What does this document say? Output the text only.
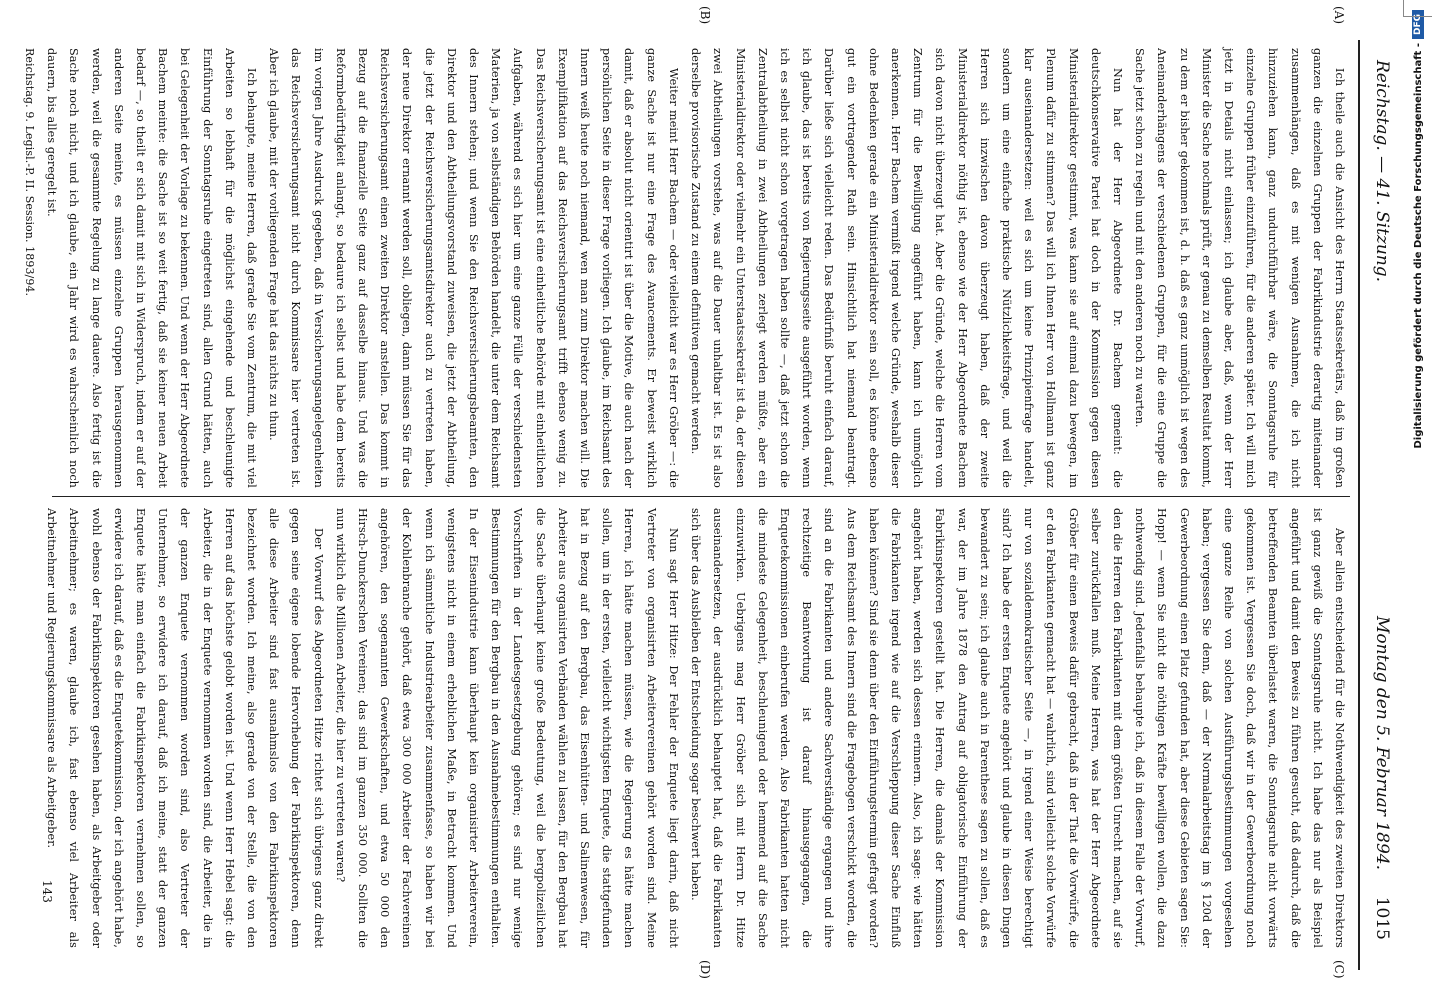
Reichstag. — 41. Sitzung.
Montag den 5. Februar 1894.
1015
(A)
(B)
(C)
(D)

Ich theile auch die Ansicht des Herrn Staatssekretärs, daß im großen ganzen die einzelnen Gruppen der Fabrikindustrie derartig miteinander zusammenhängen, daß es mit wenigen Ausnahmen, die ich nicht hinzuziehen kann, ganz undurchführbar wäre, die Sonntagsruhe für einzelne Gruppen früher einzuführen, für die anderen später. Ich will mich jetzt in Details nicht einlassen; ich glaube aber, daß, wenn der Herr Minister die Sache nochmals prüft, er genau zu demselben Resultat kommt, zu dem er bisher gekommen ist, d. h. daß es ganz unmöglich ist wegen des Aneinanderhängens der verschiedenen Gruppen, für die eine Gruppe die Sache jetzt schon zu regeln und mit den anderen noch zu warten.

Nun hat der Herr Abgeordnete Dr. Bachem gemeint: die deutschkonservative Partei hat doch in der Kommission gegen diesen Ministerialdirektor gestimmt, was kann sie auf einmal dazu bewegen, im Plenum dafür zu stimmen? Das will ich Ihnen Herr von Hollmann ist ganz klar auseinandersetzen: weil es sich um keine Prinzipienfrage handelt, sondern um eine einfache praktische Nützlichkeitsfrage, und weil die Herren sich inzwischen davon überzeugt haben, daß der zweite Ministerialdirektor nöthig ist, ebenso wie der Herr Abgeordnete Bachem sich davon nicht überzeugt hat. Aber die Gründe, welche die Herren vom Zentrum für die Bewilligung angeführt haben, kann ich unmöglich anerkennen. Herr Bachem vermißt irgend welche Gründe, weshalb dieser ohne Bedenken gerade ein Ministerialdirektor sein soll, es könne ebenso gut ein vortragender Rath sein. Hinsichtlich hat niemand beantragt. Darüber ließe sich vielleicht reden. Das Bedürfniß beruht einfach darauf, ich glaube, das ist bereits von Regierungsseite ausgeführt worden, wenn ich es selbst nicht schon vorgetragen haben sollte —, daß jetzt schon die Zentralabtheilung in zwei Abtheilungen zerlegt werden müßte, aber ein Ministerialdirektor oder vielmehr ein Unterstaatssekretär ist da, der diesen zwei Abtheilungen vorstehe, was auf die Dauer unhaltbar ist. Es ist also derselbe provisorische Zustand zu einem definitiven gemacht werden.

Weiter meint Herr Bachem — oder vielleicht war es Herr Gröber —: die ganze Sache ist nur eine Frage des Avancements. Er beweist wirklich damit, daß er absolut nicht orientirt ist über die Motive, die auch nach der persönlichen Seite in dieser Frage vorliegen. Ich glaube, im Reichsamt des Innern weiß heute noch niemand, wen man zum Direktor machen will. Die Exemplifikation auf das Reichsversicherungsamt trifft ebenso wenig zu. Das Reichsversicherungsamt ist eine einheitliche Behörde mit einheitlichen Aufgaben, während es sich hier um eine ganze Fülle der verschiedensten Materien, ja von selbständigen Behörden handelt, die unter dem Reichsamt des Innern stehen; und wenn Sie den Reichsversicherungsbeamten, den Direktor und den Abtheilungsvorstand zuweisen, die jetzt der Abtheilung, die jetzt der Reichsversicherungsamtsdirektor auch zu vertreten haben, der neue Direktor ernannt werden soll, obliegen, dann müssen Sie für das Reichsversicherungsamt einen zweiten Direktor anstellen. Das kommt in Bezug auf die finanzielle Seite ganz auf dasselbe hinaus. Und was die Reformbedürftigkeit anlangt, so bedaure ich selbst und habe dem bereits im vorigen Jahre Ausdruck gegeben, daß in Versicherungsangelegenheiten das Reichsversicherungsamt nicht durch Kommissare hier vertreten ist. Aber ich glaube, mit der vorliegenden Frage hat das nichts zu thun.

Ich behaupte, meine Herren, daß gerade Sie vom Zentrum, die mit viel Arbeiten so lebhaft für die möglichst eingehende und beschleunigte Einführung der Sonntagsruhe eingetreten sind, allen Grund hätten, auch bei Gelegenheit der Vorlage zu bekennen. Und wenn der Herr Abgeordnete Bachem meinte: die Sache ist so weit fertig, daß sie keiner neuen Arbeit bedarf —, so theilt er sich damit mit sich in Widerspruch, indem er auf der anderen Seite meinte, es müssen einzelne Gruppen herausgenommen werden, weil die gesammte Regelung zu lange dauere. Also fertig ist die Sache noch nicht, und ich glaube, ein Jahr wird es wahrscheinlich noch dauern, bis alles geregelt ist.

Reichstag. 9. Legisl.-P. II. Session. 1893/94.

Aber allein entscheidend für die Nothwendigkeit des zweiten Direktors ist ganz gewiß die Sonntagsruhe nicht. Ich habe das nur als Beispiel angeführt und damit den Beweis zu führen gesucht, daß dadurch, daß die betreffenden Beamten überlastet waren, die Sonntagsruhe nicht vorwärts gekommen ist. Vergessen Sie doch, daß wir in der Gewerbeordnung noch eine ganze Reihe von solchen Ausführungsbestimmungen vorgesehen haben; vergessen Sie denn, daß — der Normalarbeitstag im § 120d der Gewerbeordnung einen Platz gefunden hat, aber diese Gebieten sagen Sie: Hopp! — wenn Sie nicht die nöthigen Kräfte bewilligen wollen, die dazu nothwendig sind. Jedenfalls behaupte ich, daß in diesem Falle der Vorwurf, den die Herren den Fabrikanten mit dem größten Unrecht machen, auf sie selber zurückfallen muß. Meine Herren, was hat der Herr Abgeordnete Gröber für einen Beweis dafür gebracht, daß in der That die Vorwürfe, die er den Fabrikanten gemacht hat — wahrlich, sind vielleicht solche Vorwürfe nur von sozialdemokratischer Seite —, in irgend einer Weise berechtigt sind? Ich habe der ersten Enquete angehört und glaube in diesen Dingen bewandert zu sein; ich glaube auch in Parenthese sagen zu sollen, daß es war, der im Jahre 1878 den Antrag auf obligatorische Einführung der Fabrikinspektoren gestellt hat. Die Herren, die damals der Kommission angehört haben, werden sich dessen erinnern. Also, ich sage: wie hätten die Fabrikanten irgend wie auf die Verschleppung dieser Sache Einfluß haben können? Sind sie denn über den Einführungstermin gefragt worden? Aus dem Reichsamt des Innern sind die Fragebogen verschickt worden, die sind an die Fabrikanten und andere Sachverständige ergangen und ihre rechtzeitige Beantwortung ist darauf hinausgegangen, die Enquetekommissionen einberufen werden. Also Fabrikanten hatten nicht die mindeste Gelegenheit, beschleunigend oder hemmend auf die Sache einzuwirken. Uebrigens mag Herr Gröber sich mit Herrn Dr. Hitze auseinandersetzen, der ausdrücklich behauptet hat, daß die Fabrikanten sich über das Ausbleiben der Entscheidung sogar beschwert haben.

Nun sagt Herr Hitze: Der Fehler der Enquete liegt darin, daß nicht Vertreter von organisirten Arbeitervereinen gehört worden sind. Meine Herren, ich hätte machen müssen, wie die Regierung es hätte machen sollen, um in der ersten, vielleicht wichtigsten Enquete, die stattgefunden hat in Bezug auf den Bergbau, das Eisenhütten- und Salinenwesen, für Arbeiter aus organisirten Verbänden wählen zu lassen, für den Bergbau hat die Sache überhaupt keine große Bedeutung, weil die bergpolizeilichen Vorschriften in der Landesgesetzgebung gehören; es sind nur wenige Bestimmungen für den Bergbau in den Ausnahmebestimmungen enthalten. In der Eisenindustrie kann überhaupt kein organisirter Arbeiterverein, wenigstens nicht in einem erheblichen Maße, in Betracht kommen. Und wenn ich sämmtliche Industriearbeiter zusammenfasse, so haben wir bei der Kohlenbranche gehört, daß etwa 300 000 Arbeiter der Fachvereinen angehören, den sogenannten Gewerkschaften, und etwa 50 000 den Hirsch-Dunckerschen Vereinen; das sind im ganzen 350 000. Sollten die nun wirklich die Millionen Arbeiter, die hier zu vertreten waren?

Der Vorwurf des Abgeordneten Hitze richtet sich übrigens ganz direkt gegen seine eigene lobende Hervorhebung der Fabrikinspektoren, denn alle diese Arbeiter sind fast ausnahmslos von den Fabrikinspektoren bezeichnet worden. Ich meine, also gerade von der Stelle, die von den Herren auf das höchste gelobt worden ist. Und wenn Herr Hebel sagt: die Arbeiter, die in der Enquete vernommen worden sind, die Arbeiter, die in der ganzen Enquete vernommen worden sind, also Vertreter der Unternehmer, so erwidere ich darauf, daß ich meine, statt der ganzen Enquete hätte man einfach die Fabrikinspektoren vernehmen sollen, so erwidere ich darauf, daß es die Enquetekommission, der ich angehört habe, wohl ebenso der Fabrikinspektoren gesehen haben, als Arbeitgeber oder Arbeitnehmer; es waren, glaube ich, fast ebenso viel Arbeiter als Arbeitnehmer und Regierungskommissare als Arbeitgeber.

143
Digitalisierung gefördert durch die Deutsche Forschungsgemeinschaft -
DFG
